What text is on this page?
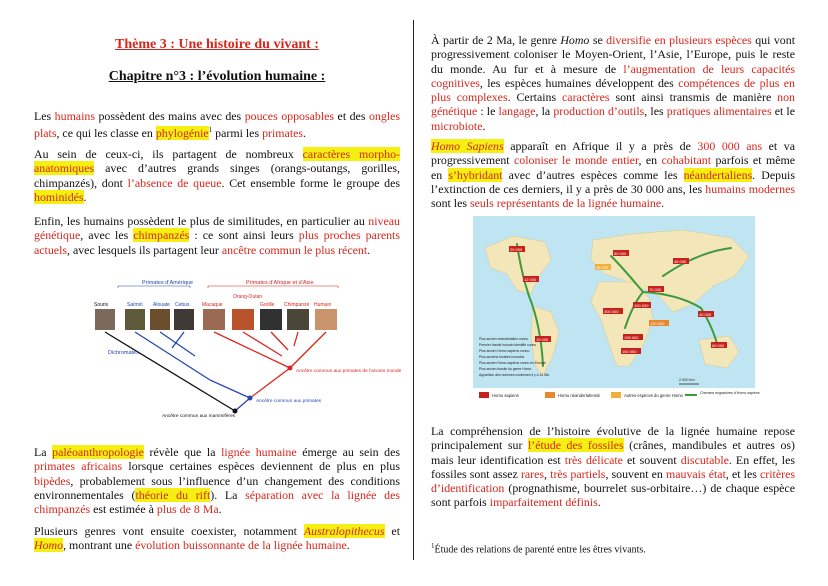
Thème 3 : Une histoire du vivant :
Chapitre n°3 : l’évolution humaine :

Les humains possèdent des mains avec des pouces opposables et des ongles plats, ce qui les classe en phylogénie$^1$ parmi les primates.

Au sein de ceux-ci, ils partagent de nombreux caractères morpho-anatomiques avec d’autres grands singes (orangs-outangs, gorilles, chimpanzés), dont l’absence de queue. Cet ensemble forme le groupe des hominidés.

Enfin, les humains possèdent le plus de similitudes, en particulier au niveau génétique, avec les chimpanzés : ce sont ainsi leurs plus proches parents actuels, avec lesquels ils partagent leur ancêtre commun le plus récent.

La paléoanthropologie révèle que la lignée humaine émerge au sein des primates africains lorsque certaines espèces deviennent de plus en plus bipèdes, probablement sous l’influence d’un changement des conditions environnementales (théorie du rift). La séparation avec la lignée des chimpanzés est estimée à plus de 8 Ma.

Plusieurs genres vont ensuite coexister, notamment Australopithecus et Homo, montrant une évolution buissonnante de la lignée humaine.

Primates d’Amérique	Primates d’Afrique et d’Asie
Souris	Saïmiri Alouate Cebus	Macaque
Orang-Outan
Gorille Chimpanzé Humain
Dichromates
Ancêtre commun aux primates de l’ancien monde
Ancêtre commun aux primates
Ancêtre commun aux mammifères

À partir de 2 Ma, le genre Homo se diversifie en plusieurs espèces qui vont progressivement coloniser le Moyen-Orient, l’Asie, l’Europe, puis le reste du monde. Au fur et à mesure de l’augmentation de leurs capacités cognitives, les espèces humaines développent des compétences de plus en plus complexes. Certains caractères sont ainsi transmis de manière non génétique : le langage, la production d’outils, les pratiques alimentaires et le microbiote.

Homo Sapiens apparaît en Afrique il y a près de 300 000 ans et va progressivement coloniser le monde entier, en cohabitant parfois et même en s’hybridant avec d’autres espèces comme les néandertaliens. Depuis l’extinction de ces derniers, il y a près de 30 000 ans, les humains modernes sont les seuls représentants de la lignée humaine.

La compréhension de l’histoire évolutive de la lignée humaine repose principalement sur l’étude des fossiles (crânes, mandibules et autres os) mais leur identification est très délicate et souvent discutable. En effet, les fossiles sont assez rares, très partiels, souvent en mauvais état, et les critères d’identification (prognathisme, bourrelet sus-orbitaire…) de chaque espèce sont parfois imparfaitement définis.

$^1$Étude des relations de parenté entre les êtres vivants.

70 000
50 000
45 000
40 000
100 000
65 000
20 000
12 000
15 000
300 000
195 000
160 000
120 000
35 000
Plus ancien néandertalien connu
Premier fossile humain identifié connu
Plus ancien Homo sapiens connu
Plus anciens fossiles humains
Plus ancien Homo sapiens connu en Europe
Plus ancien fossile du genre Homo
Apparition des hommes modernes il y a 12 Ma
2 000 km
Homo sapiens	Homo néandertalensis	Autres espèces du genre Homo	Chemins migratoires d’Homo sapiens
